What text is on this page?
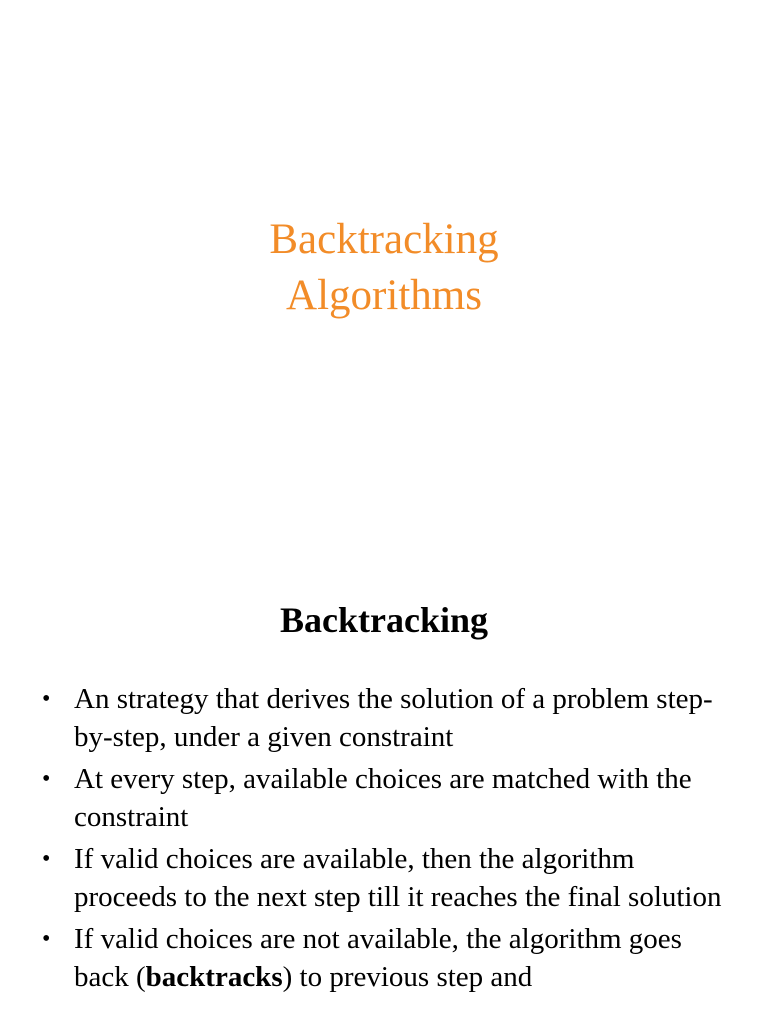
Backtracking
Algorithms
Backtracking
• An strategy that derives the solution of a problem step-by-step, under a given constraint
• At every step, available choices are matched with the constraint
• If valid choices are available, then the algorithm proceeds to the next step till it reaches the final solution
• If valid choices are not available, the algorithm goes back (backtracks) to previous step and
